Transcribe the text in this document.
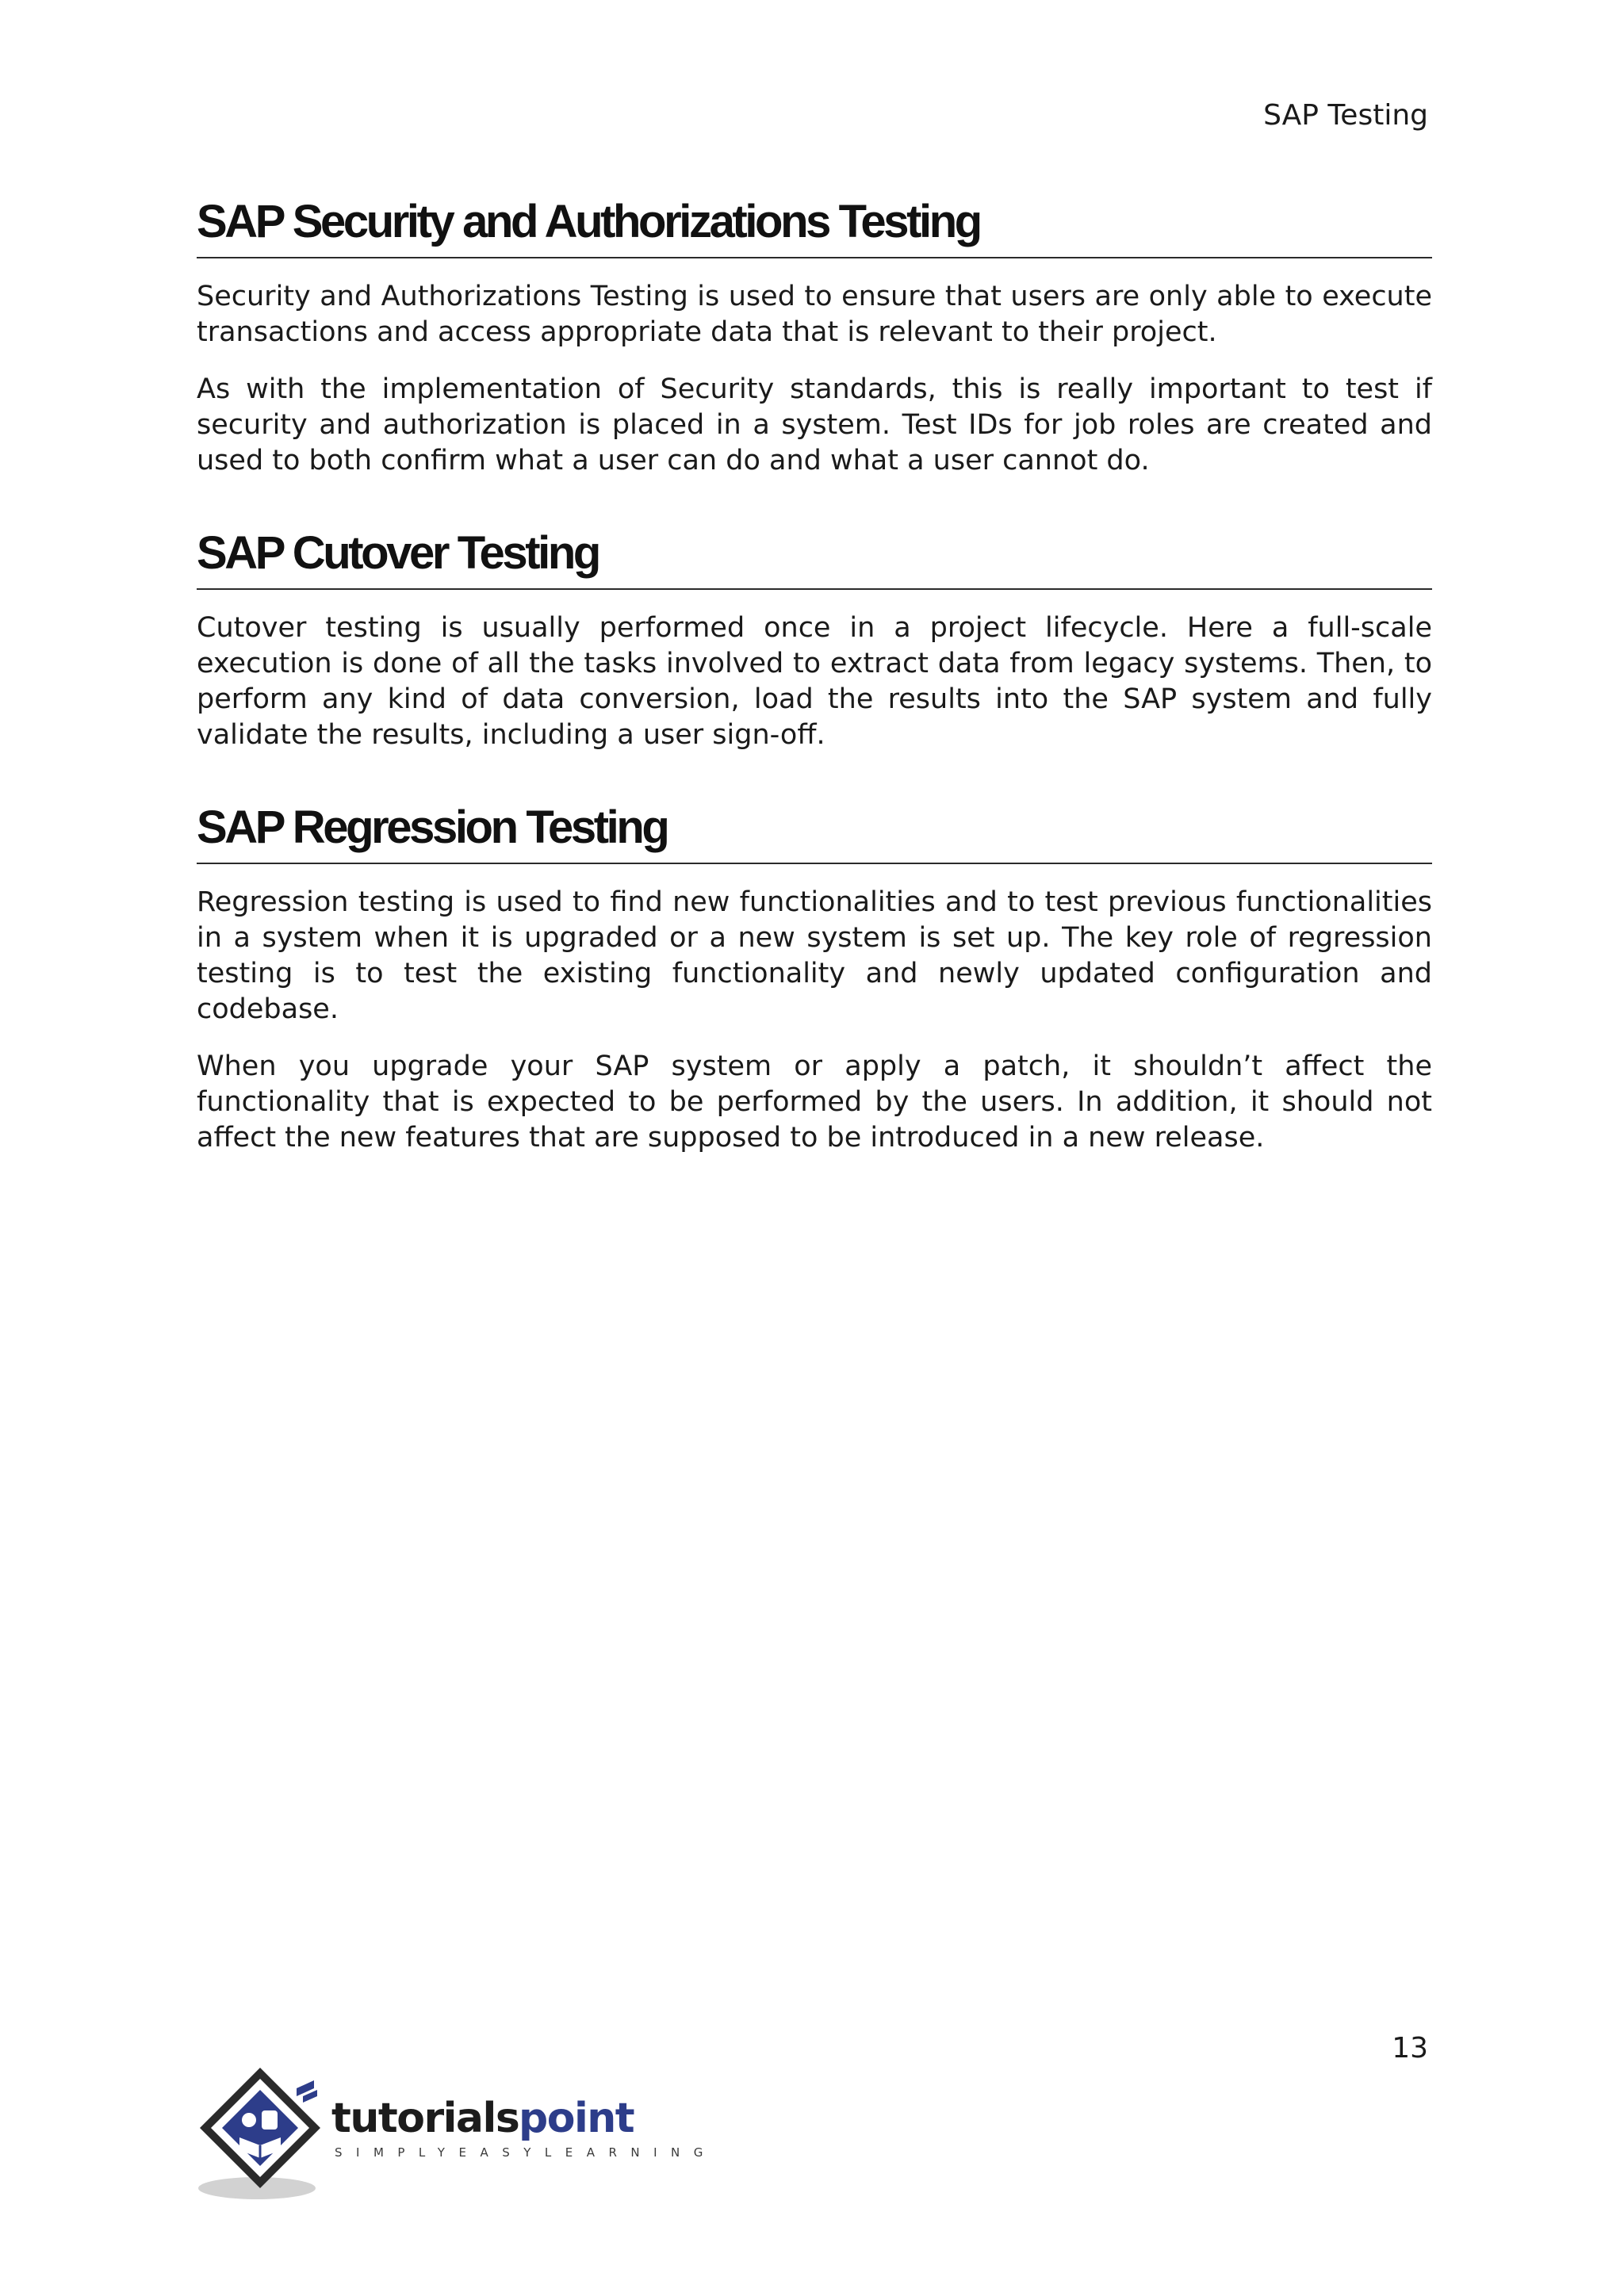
SAP Testing
SAP Security and Authorizations Testing

Security and Authorizations Testing is used to ensure that users are only able to execute transactions and access appropriate data that is relevant to their project.

As with the implementation of Security standards, this is really important to test if security and authorization is placed in a system. Test IDs for job roles are created and used to both confirm what a user can do and what a user cannot do.

SAP Cutover Testing

Cutover testing is usually performed once in a project lifecycle. Here a full-scale execution is done of all the tasks involved to extract data from legacy systems. Then, to perform any kind of data conversion, load the results into the SAP system and fully validate the results, including a user sign-off.

SAP Regression Testing

Regression testing is used to find new functionalities and to test previous functionalities in a system when it is upgraded or a new system is set up. The key role of regression testing is to test the existing functionality and newly updated configuration and codebase.

When you upgrade your SAP system or apply a patch, it shouldn’t affect the functionality that is expected to be performed by the users. In addition, it should not affect the new features that are supposed to be introduced in a new release.

13
tutorials point
SIMPLYEASYLEARNING
